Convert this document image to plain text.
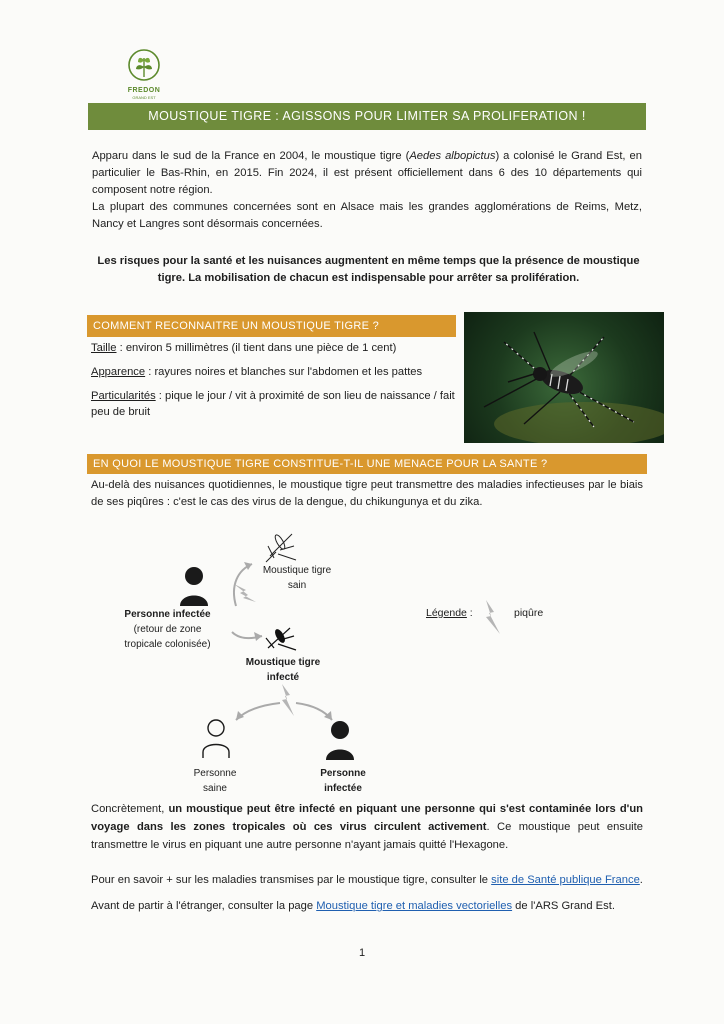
FREDON
GRAND EST
MOUSTIQUE TIGRE : AGISSONS POUR LIMITER SA PROLIFERATION !
Apparu dans le sud de la France en 2004, le moustique tigre (Aedes albopictus) a colonisé le Grand Est, en particulier le Bas-Rhin, en 2015. Fin 2024, il est présent officiellement dans 6 des 10 départements qui composent notre région.
La plupart des communes concernées sont en Alsace mais les grandes agglomérations de Reims, Metz, Nancy et Langres sont désormais concernées.
Les risques pour la santé et les nuisances augmentent en même temps que la présence de moustique tigre. La mobilisation de chacun est indispensable pour arrêter sa prolifération.
COMMENT RECONNAITRE UN MOUSTIQUE TIGRE ?
Taille : environ 5 millimètres (il tient dans une pièce de 1 cent)
Apparence : rayures noires et blanches sur l'abdomen et les pattes
Particularités : pique le jour / vit à proximité de son lieu de naissance / fait peu de bruit
EN QUOI LE MOUSTIQUE TIGRE CONSTITUE-T-IL UNE MENACE POUR LA SANTE ?
Au-delà des nuisances quotidiennes, le moustique tigre peut transmettre des maladies infectieuses par le biais de ses piqûres : c'est le cas des virus de la dengue, du chikungunya et du zika.
Moustique tigre
sain
Personne infectée
(retour de zone
tropicale colonisée)
Moustique tigre
infecté
Personne
saine
Personne
infectée
Légende :	piqûre
Concrètement, un moustique peut être infecté en piquant une personne qui s'est contaminée lors d'un voyage dans les zones tropicales où ces virus circulent activement. Ce moustique peut ensuite transmettre le virus en piquant une autre personne n'ayant jamais quitté l'Hexagone.
Pour en savoir + sur les maladies transmises par le moustique tigre, consulter le site de Santé publique France.
Avant de partir à l'étranger, consulter la page Moustique tigre et maladies vectorielles de l'ARS Grand Est.
1
